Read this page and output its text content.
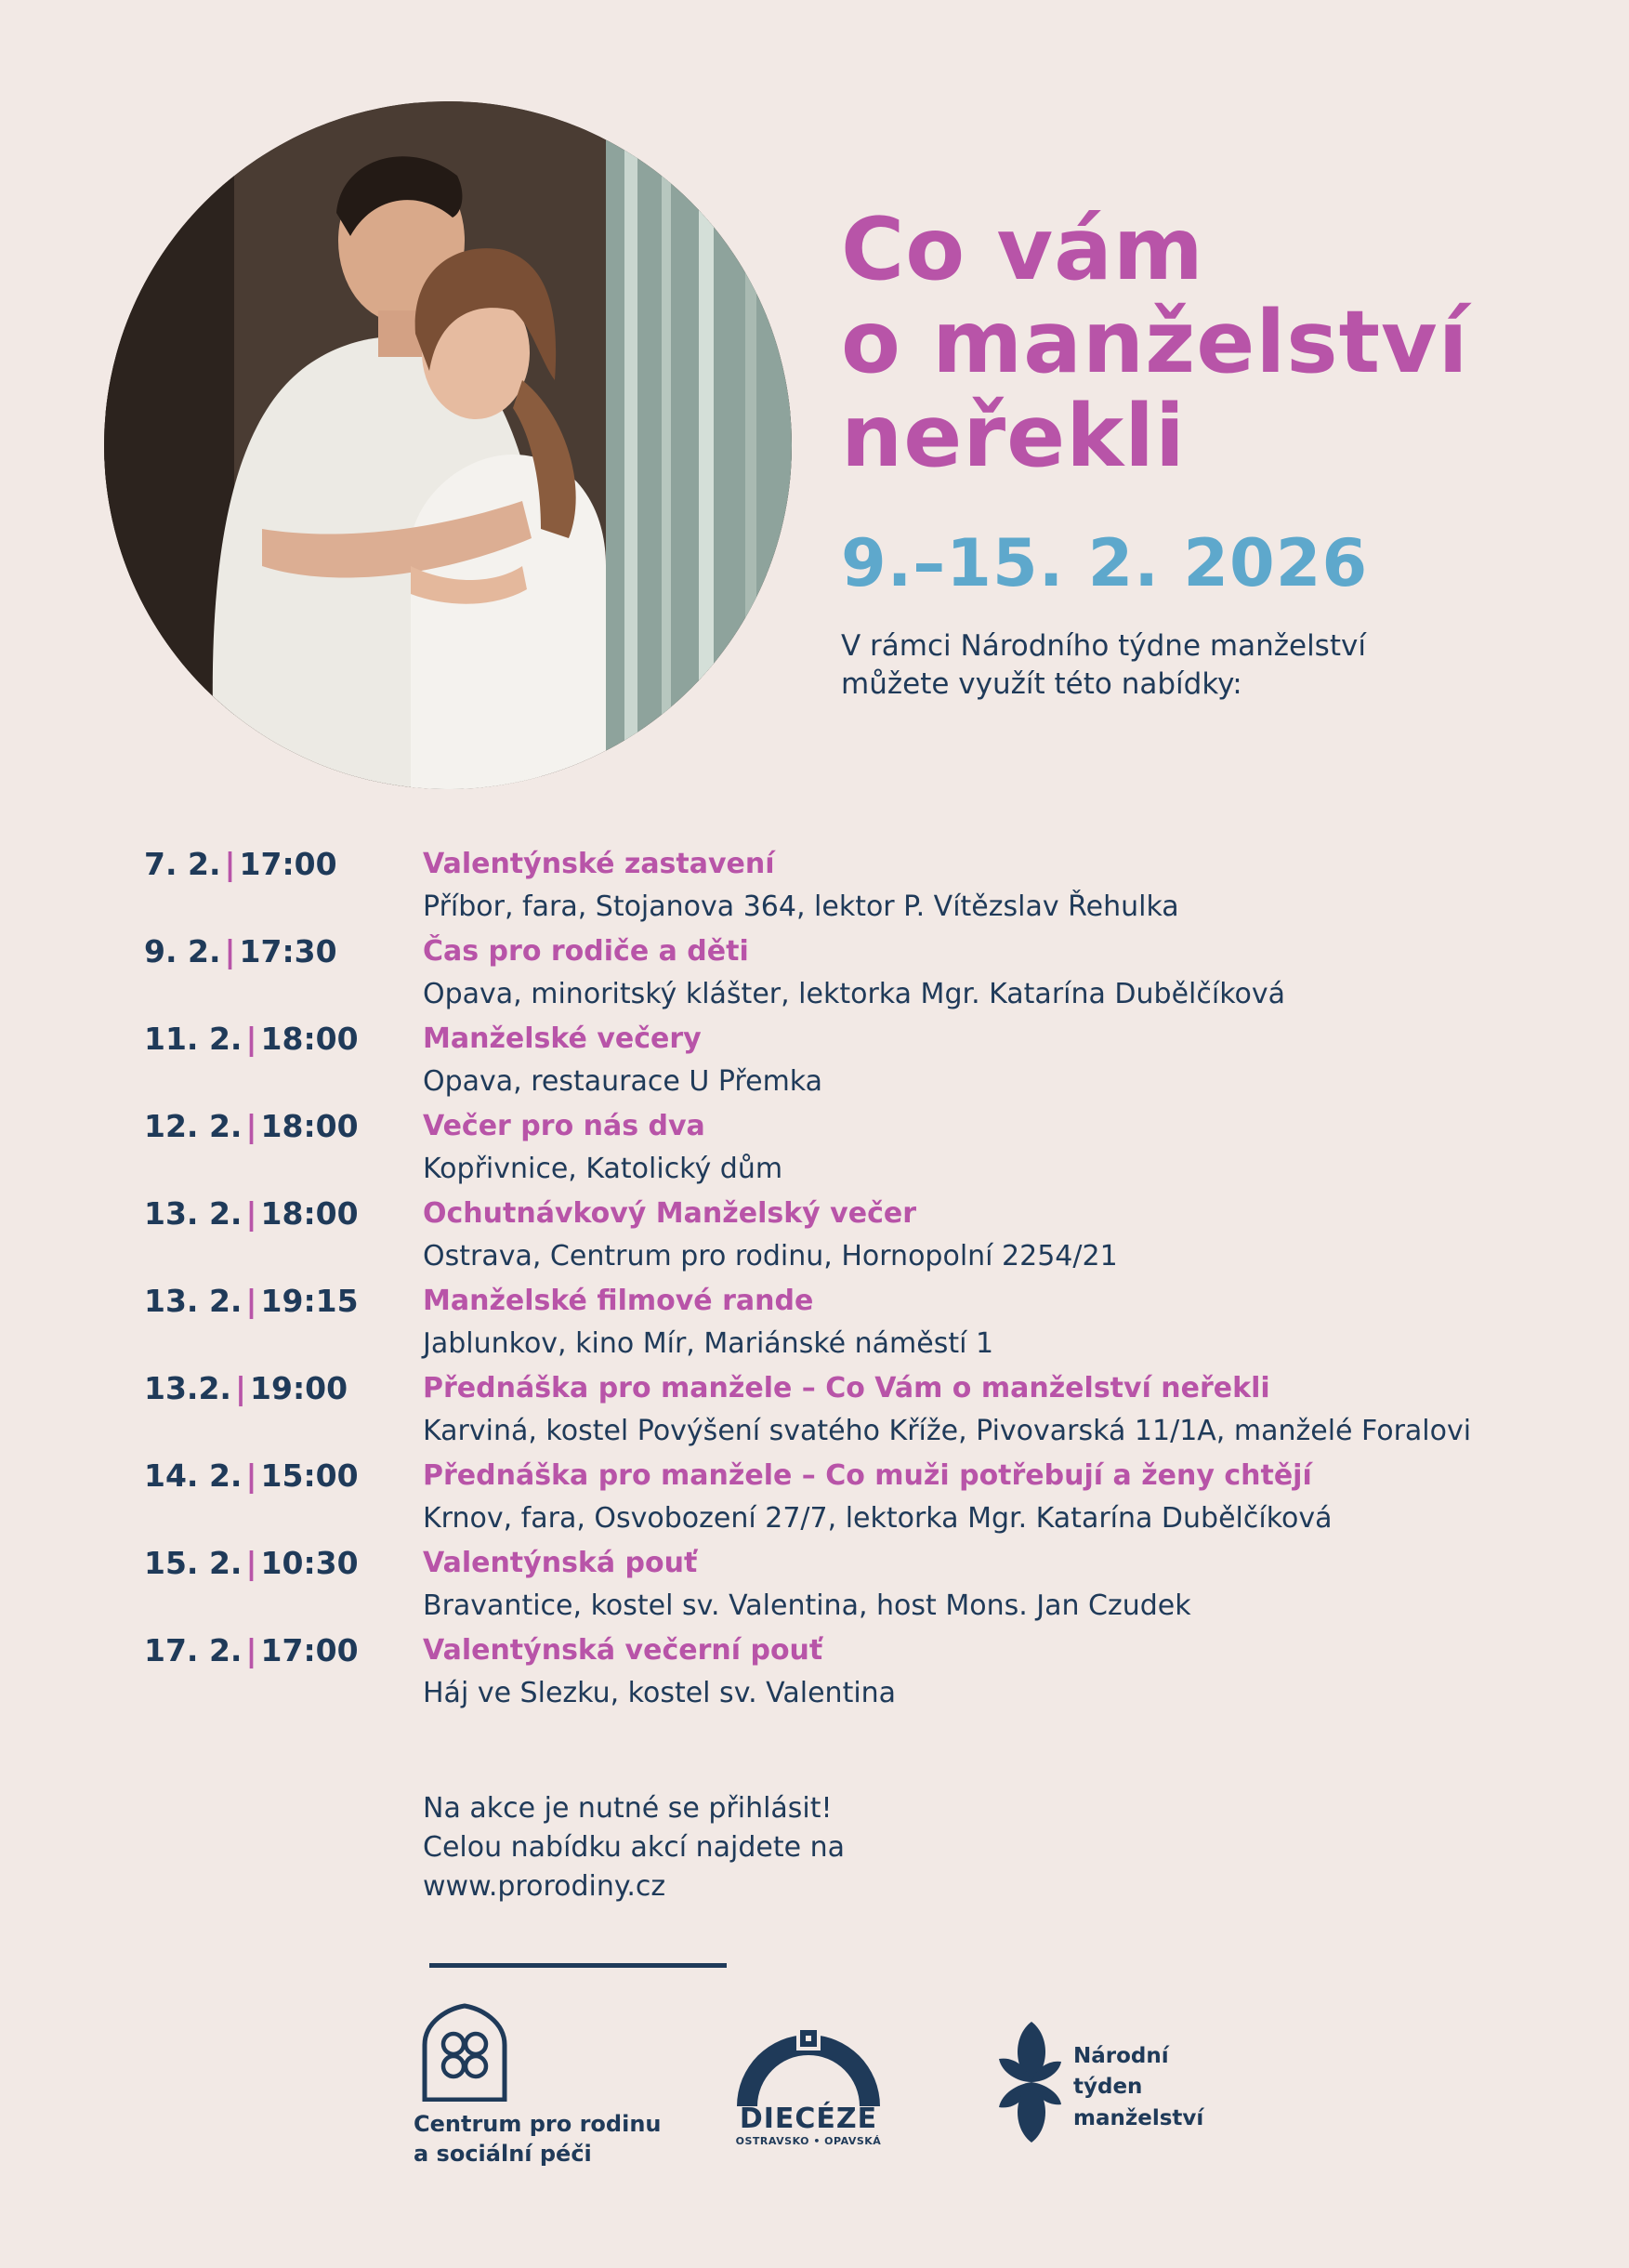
Co vám
o manželství
neřekli
9.–15. 2. 2026
V rámci Národního týdne manželství
můžete využít této nabídky:
7. 2. | 17:00	Valentýnské zastavení
Příbor, fara, Stojanova 364, lektor P. Vítězslav Řehulka
9. 2. | 17:30	Čas pro rodiče a děti
Opava, minoritský klášter, lektorka Mgr. Katarína Dubělčíková
11. 2. | 18:00 Manželské večery
Opava, restaurace U Přemka
12. 2. | 18:00 Večer pro nás dva
Kopřivnice, Katolický dům
13. 2. | 18:00 Ochutnávkový Manželský večer
Ostrava, Centrum pro rodinu, Hornopolní 2254/21
13. 2. | 19:15 Manželské filmové rande
Jablunkov, kino Mír, Mariánské náměstí 1
13.2. | 19:00	Přednáška pro manžele – Co Vám o manželství neřekli
Karviná, kostel Povýšení svatého Kříže, Pivovarská 11/1A, manželé Foralovi
14. 2. | 15:00 Přednáška pro manžele – Co muži potřebují a ženy chtějí
Krnov, fara, Osvobození 27/7, lektorka Mgr. Katarína Dubělčíková
15. 2. | 10:30 Valentýnská pouť
Bravantice, kostel sv. Valentina, host Mons. Jan Czudek
17. 2. | 17:00 Valentýnská večerní pouť
Háj ve Slezku, kostel sv. Valentina
Na akce je nutné se přihlásit!
Celou nabídku akcí najdete na
www.prorodiny.cz
Centrum pro rodinu
a sociální péči
DIECÉZE
OSTRAVSKO • OPAVSKÁ
Národní
týden
manželství
